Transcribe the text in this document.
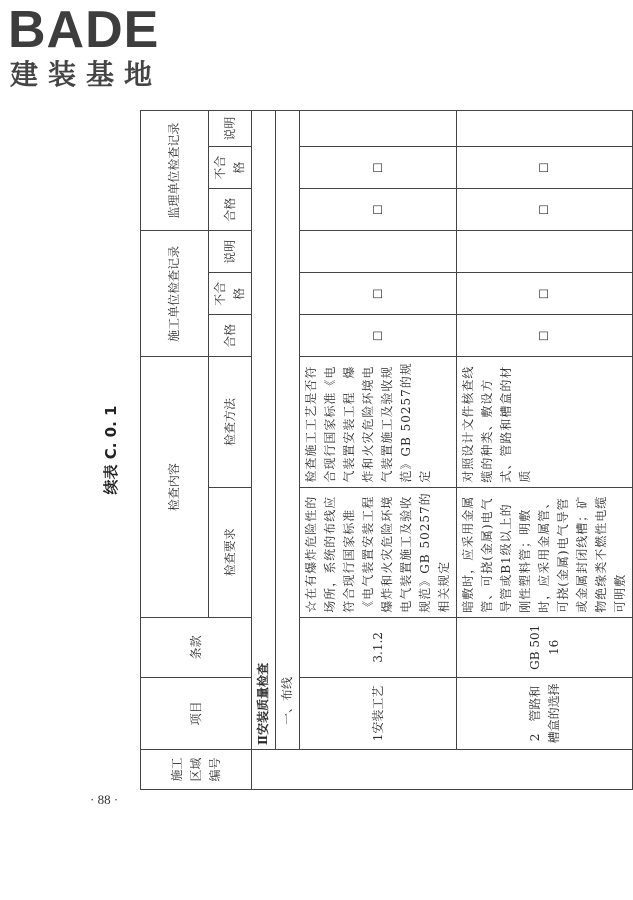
BADE
建装基地
· 88 ·
续表 C. 0. 1
施工区域编号	项目	条款	检查内容		施工单位检查记录			监理单位检查记录		

			检查要求	检查方法	合格	不合格	说明	合格	不合格	说明
	Ⅱ安装质量检查									
	一、布线									
	1安装工艺	3.1.2	☆在有爆炸危险性的场所，系统的布线应符合现行国家标准《电气装置安装工程　爆炸和火灾危险环境电气装置施工及验收规范》GB 50257的相关规定	检查施工工艺是否符合现行国家标准《电气装置安装工程　爆炸和火灾危险环境电气装置施工及验收规范》GB 50257的规定	☐	☐		☐	☐	
	2　管路和槽盒的选择	GB 50116	暗敷时，应采用金属管、可挠(金属)电气导管或B1级以上的刚性塑料管；明敷时，应采用金属管、可挠(金属)电气导管或金属封闭线槽；矿物绝缘类不燃性电缆可明敷	对照设计文件核查线缆的种类、敷设方式、管路和槽盒的材质	☐	☐		☐	☐	
